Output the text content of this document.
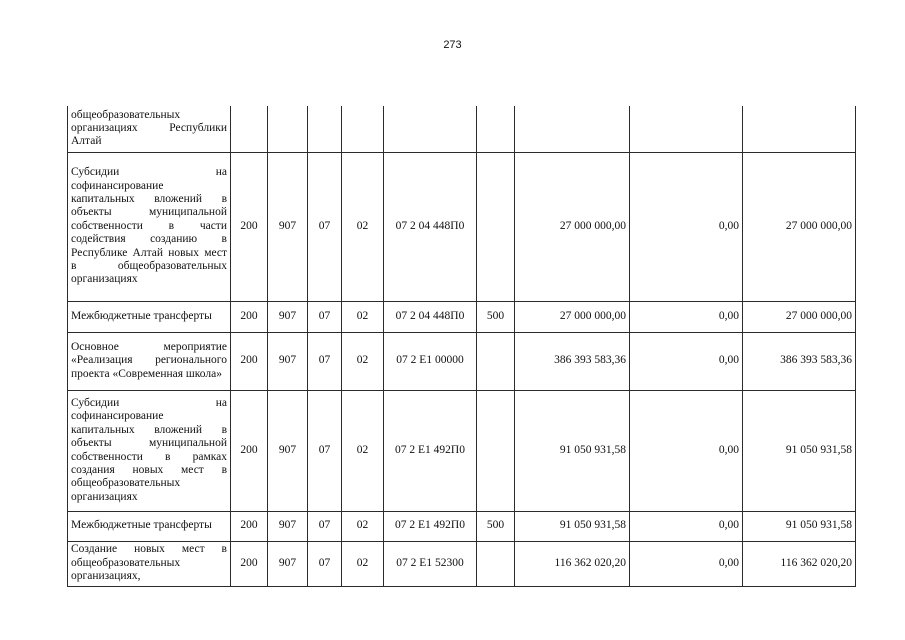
273
общеобразовательных организациях Республики Алтай									
Субсидии на софинансирование капитальных вложений в объекты муниципальной собственности в части содействия созданию в Республике Алтай новых мест в общеобразовательных организациях	200	907	07	02	07 2 04 448П0		27 000 000,00	0,00	27 000 000,00
Межбюджетные трансферты	200	907	07	02	07 2 04 448П0	500	27 000 000,00	0,00	27 000 000,00
Основное мероприятие «Реализация регионального проекта «Современная школа»	200	907	07	02	07 2 E1 00000		386 393 583,36	0,00	386 393 583,36
Субсидии на софинансирование капитальных вложений в объекты муниципальной собственности в рамках создания новых мест в общеобразовательных организациях	200	907	07	02	07 2 E1 492П0		91 050 931,58	0,00	91 050 931,58
Межбюджетные трансферты	200	907	07	02	07 2 E1 492П0	500	91 050 931,58	0,00	91 050 931,58
Создание новых мест в общеобразовательных организациях,	200	907	07	02	07 2 E1 52300		116 362 020,20	0,00	116 362 020,20
